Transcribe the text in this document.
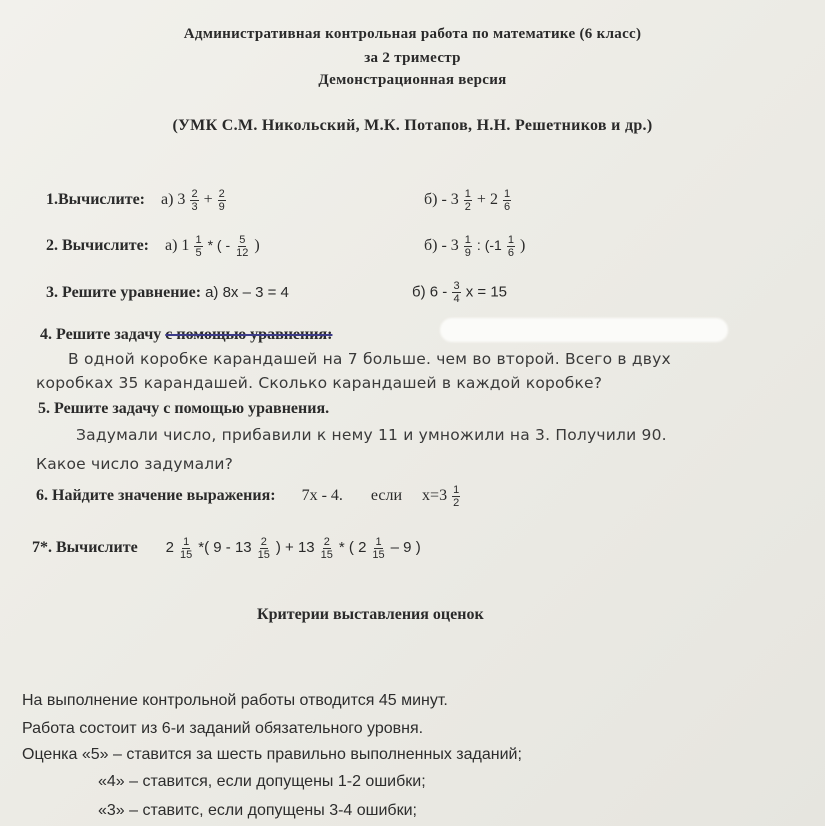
Административная контрольная работа по математике (6 класс)
за 2 триместр
Демонстрационная версия
(УМК С.М. Никольский, М.К. Потапов, Н.Н. Решетников и др.)
1.Вычислите: а) $3 \frac{2}{3} + \frac{2}{9}$	$б) - 3 \frac{1}{2} + 2 \frac{1}{6}$
2. Вычислите: а) $1 \frac{1}{5}$ * ( - $\frac{5}{12}$ )	$б) - 3 \frac{1}{9}$ : ($-1 \frac{1}{6}$ )
3. Решите уравнение: а) 8х – 3 = 4	б) $6 - \frac{3}{4}$ х = 15
4. Решите задачу с помощью уравнения:
В одной коробке карандашей на 7 больше. чем во второй. Всего в двух
коробках 35 карандашей. Сколько карандашей в каждой коробке?
5. Решите задачу с помощью уравнения.
Задумали число, прибавили к нему 11 и умножили на 3. Получили 90.
Какое число задумали?
6. Найдите значение выражения: 7х - 4. если $х=3 \frac{1}{2}$
7*. Вычислите $2 \frac{1}{15}$ *( $9 - 13 \frac{2}{15}$ ) + $13 \frac{2}{15}$ * ( $2 \frac{1}{15} - 9$ )
Критерии выставления оценок
На выполнение контрольной работы отводится 45 минут.
Работа состоит из 6-и заданий обязательного уровня.
Оценка «5» – ставится за шесть правильно выполненных заданий;
«4» – ставится, если допущены 1-2 ошибки;
«3» – ставитс, если допущены 3-4 ошибки;
